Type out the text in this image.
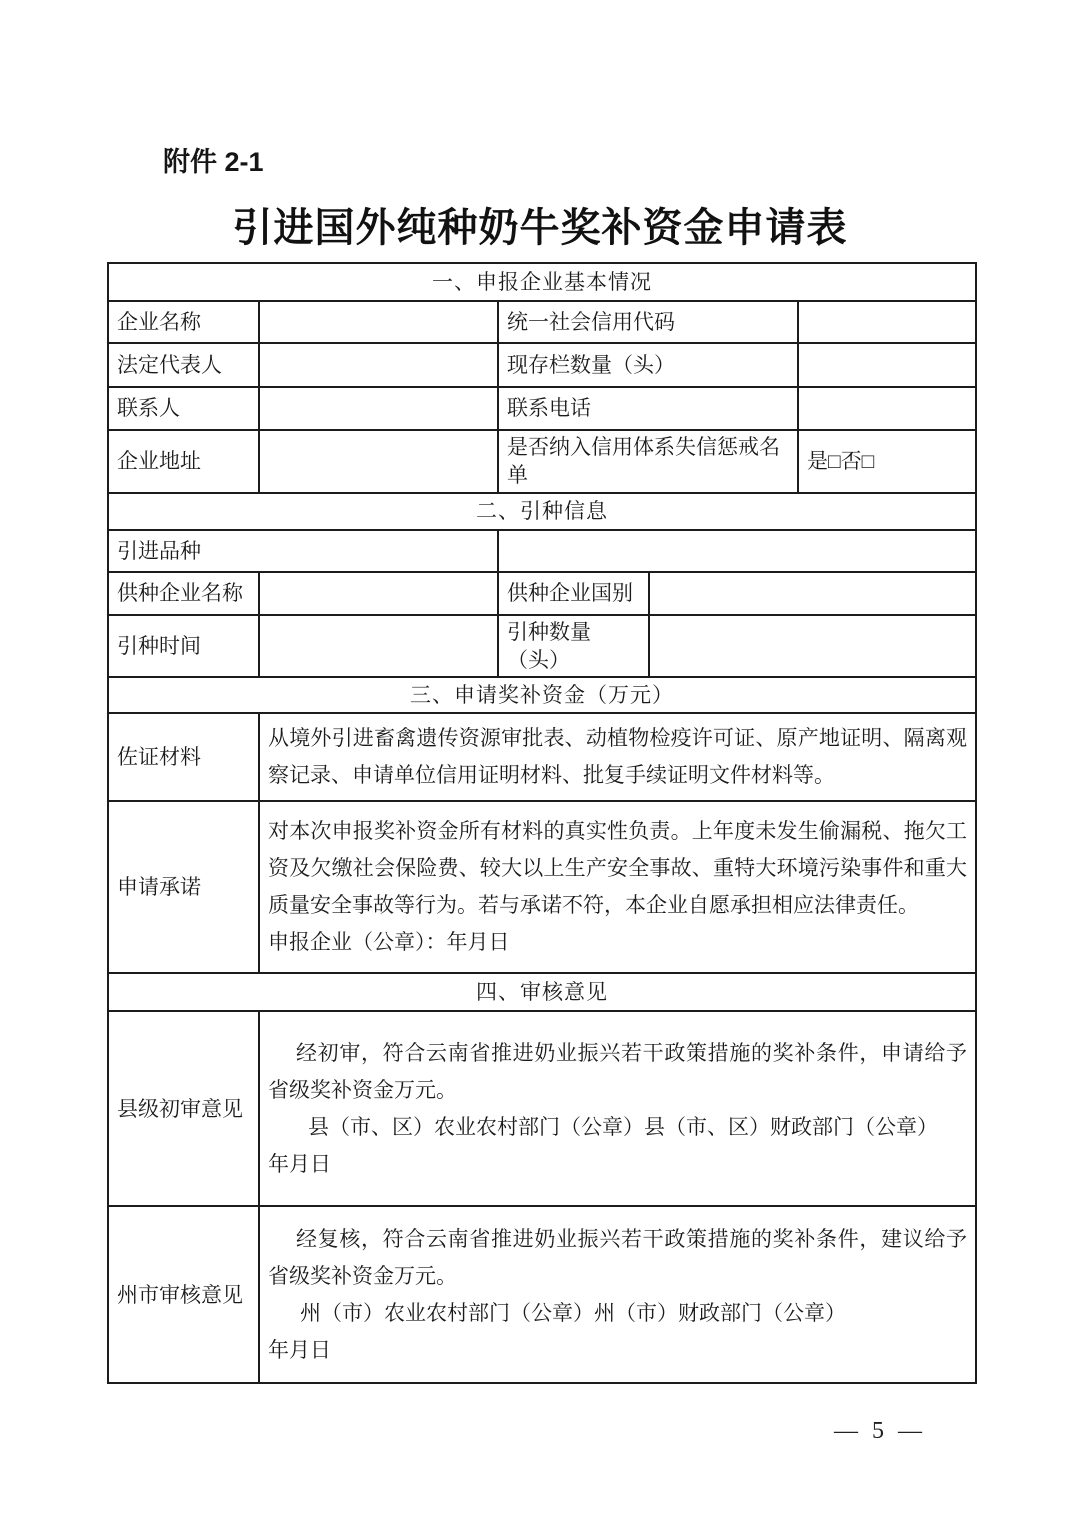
附件 2-1
引进国外纯种奶牛奖补资金申请表
一、申报企业基本情况				
企业名称		统一社会信用代码		
法定代表人		现存栏数量（头）		
联系人		联系电话		
企业地址		是否纳入信用体系失信惩戒名单		是□否□
二、引种信息				
引进品种				
供种企业名称		供种企业国别		
引种时间		引种数量（头）		
三、申请奖补资金（万元）				
佐证材料	从境外引进畜禽遗传资源审批表、动植物检疫许可证、原产地证明、隔离观察记录、申请单位信用证明材料、批复手续证明文件材料等。			

申请承诺	对本次申报奖补资金所有材料的真实性负责。上年度未发生偷漏税、拖欠工资及欠缴社会保险费、较大以上生产安全事故、重特大环境污染事件和重大质量安全事故等行为。若与承诺不符，本企业自愿承担相应法律责任。

申报企业（公章）：年月日			

四、审核意见				
县级初审意见	经初审，符合云南省推进奶业振兴若干政策措施的奖补条件，申请给予省级奖补资金万元。

县（市、区）农业农村部门（公章）县（市、区）财政部门（公章）

年月日			

州市审核意见	经复核，符合云南省推进奶业振兴若干政策措施的奖补条件，建议给予省级奖补资金万元。

州（市）农业农村部门（公章）州（市）财政部门（公章）

年月日			

— 5 —
